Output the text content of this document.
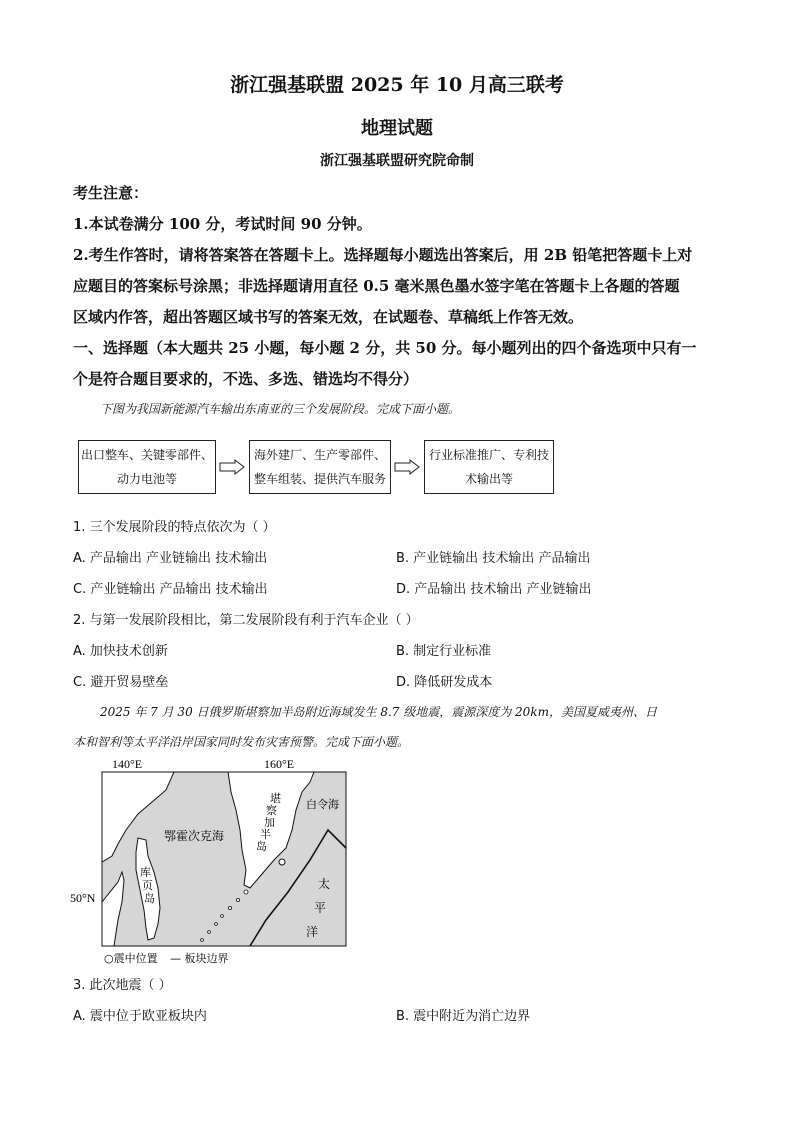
浙江强基联盟 2025 年 10 月高三联考
地理试题
浙江强基联盟研究院命制
考生注意：
1.本试卷满分 100 分，考试时间 90 分钟。
2.考生作答时，请将答案答在答题卡上。选择题每小题选出答案后，用 2B 铅笔把答题卡上对
应题目的答案标号涂黑；非选择题请用直径 0.5 毫米黑色墨水签字笔在答题卡上各题的答题
区域内作答，超出答题区域书写的答案无效，在试题卷、草稿纸上作答无效。
一、选择题（本大题共 25 小题，每小题 2 分，共 50 分。每小题列出的四个备选项中只有一
个是符合题目要求的，不选、多选、错选均不得分）
下图为我国新能源汽车输出东南亚的三个发展阶段。完成下面小题。
出口整车、关键零部件、
动力电池等
海外建厂、生产零部件、
整车组装、提供汽车服务
行业标准推广、专利技
术输出等
1. 三个发展阶段的特点依次为（ ）
A. 产品输出 产业链输出 技术输出	B. 产业链输出 技术输出 产品输出
C. 产业链输出 产品输出 技术输出	D. 产品输出 技术输出 产业链输出
2. 与第一发展阶段相比，第二发展阶段有利于汽车企业（ ）
A. 加快技术创新	B. 制定行业标准
C. 避开贸易壁垒	D. 降低研发成本
2025 年 7 月 30 日俄罗斯堪察加半岛附近海域发生 8.7 级地震，震源深度为 20km，美国夏威夷州、日
本和智利等太平洋沿岸国家同时发布灾害预警。完成下面小题。
140°E	160°E
50°N
鄂霍次克海
白令海
堪
察
加
半
岛
库
页
岛
太
平
洋
○震中位置 — 板块边界
3. 此次地震（ ）
A. 震中位于欧亚板块内	B. 震中附近为消亡边界
